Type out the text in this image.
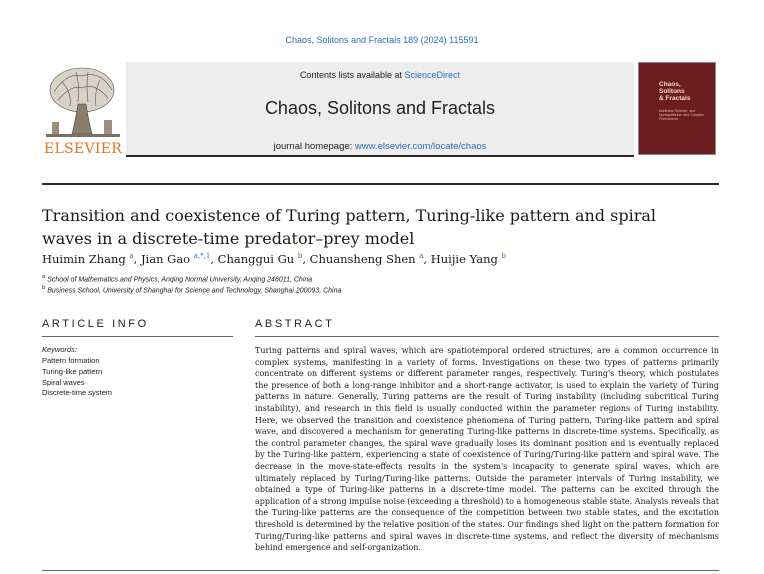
Chaos, Solitons and Fractals 189 (2024) 115591
ELSEVIER
Contents lists available at ScienceDirect
Chaos, Solitons and Fractals
journal homepage: www.elsevier.com/locate/chaos
Chaos,
Solitons
& Fractals
Nonlinear Science, and Nonequilibrium and Complex Phenomena
Transition and coexistence of Turing pattern, Turing-like pattern and spiral waves in a discrete-time predator–prey model
Huimin Zhang $^a$, Jian Gao $^{a,*,1}$, Changgui Gu $^b$, Chuansheng Shen $^a$, Huijie Yang $^b$
$^a$ School of Mathematics and Physics, Anqing Normal University, Anqing 246011, China
$^b$ Business School, University of Shanghai for Science and Technology, Shanghai 200093, China
ARTICLE INFO	ABSTRACT
Keywords:
Pattern formation
Turing-like pattern
Spiral waves
Discrete-time system

Turing patterns and spiral waves, which are spatiotemporal ordered structures, are a common occurrence in complex systems, manifesting in a variety of forms. Investigations on these two types of patterns primarily concentrate on different systems or different parameter ranges, respectively. Turing's theory, which postulates the presence of both a long-range inhibitor and a short-range activator, is used to explain the variety of Turing patterns in nature. Generally, Turing patterns are the result of Turing instability (including subcritical Turing instability), and research in this field is usually conducted within the parameter regions of Turing instability. Here, we observed the transition and coexistence phenomena of Turing pattern, Turing-like pattern and spiral wave, and discovered a mechanism for generating Turing-like patterns in discrete-time systems. Specifically, as the control parameter changes, the spiral wave gradually loses its dominant position and is eventually replaced by the Turing-like pattern, experiencing a state of coexistence of Turing/Turing-like pattern and spiral wave. The decrease in the move-state-effects results in the system's incapacity to generate spiral waves, which are ultimately replaced by Turing/Turing-like patterns. Outside the parameter intervals of Turing instability, we obtained a type of Turing-like patterns in a discrete-time model. The patterns can be excited through the application of a strong impulse noise (exceeding a threshold) to a homogeneous stable state. Analysis reveals that the Turing-like patterns are the consequence of the competition between two stable states, and the excitation threshold is determined by the relative position of the states. Our findings shed light on the pattern formation for Turing/Turing-like patterns and spiral waves in discrete-time systems, and reflect the diversity of mechanisms behind emergence and self-organization.
